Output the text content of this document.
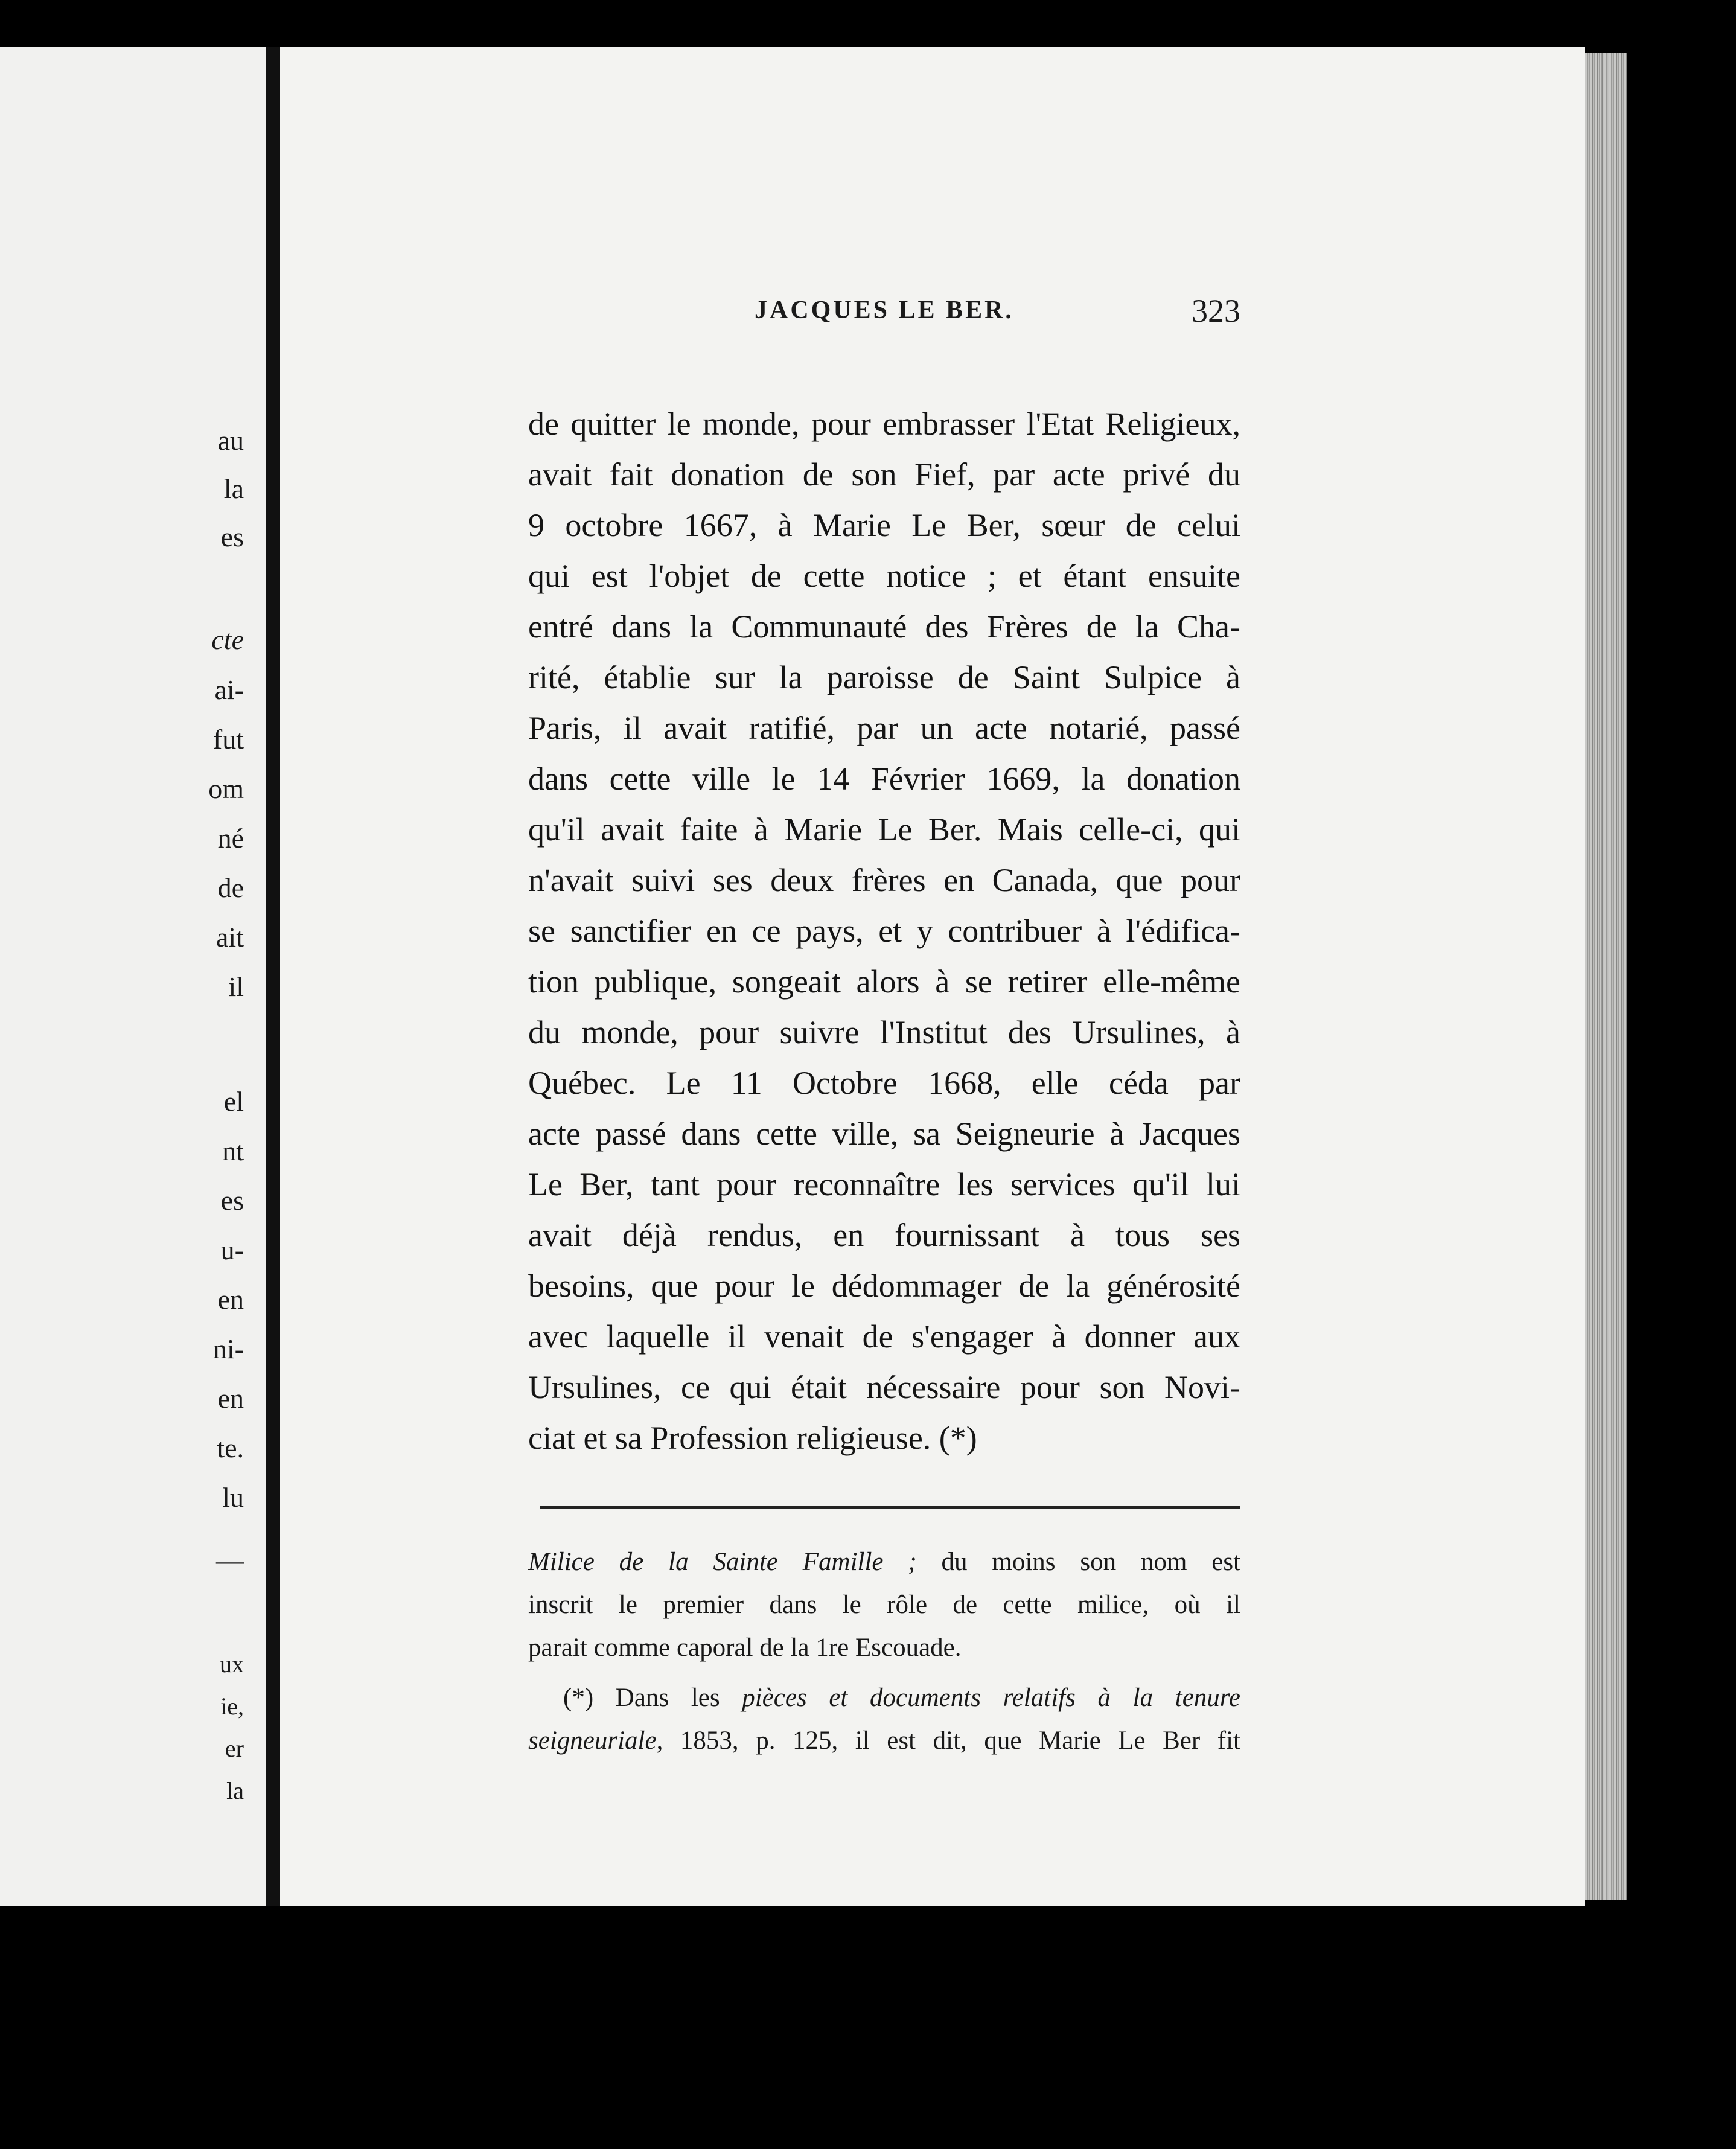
au
la
es
cte
ai-
fut
om
né
de
ait
il
el
nt
es
u-
en
ni-
en
te.
lu
—
ux
ie,
er
la
JACQUES LE BER.	323
de quitter le monde, pour embrasser l'Etat Religieux,
avait fait donation de son Fief, par acte privé du
9 octobre 1667, à Marie Le Ber, sœur de celui
qui est l'objet de cette notice ; et étant ensuite
entré dans la Communauté des Frères de la Cha-
rité, établie sur la paroisse de Saint Sulpice à
Paris, il avait ratifié, par un acte notarié, passé
dans cette ville le 14 Février 1669, la donation
qu'il avait faite à Marie Le Ber. Mais celle-ci, qui
n'avait suivi ses deux frères en Canada, que pour
se sanctifier en ce pays, et y contribuer à l'édifica-
tion publique, songeait alors à se retirer elle-même
du monde, pour suivre l'Institut des Ursulines, à
Québec. Le 11 Octobre 1668, elle céda par
acte passé dans cette ville, sa Seigneurie à Jacques
Le Ber, tant pour reconnaître les services qu'il lui
avait déjà rendus, en fournissant à tous ses
besoins, que pour le dédommager de la générosité
avec laquelle il venait de s'engager à donner aux
Ursulines, ce qui était nécessaire pour son Novi-
ciat et sa Profession religieuse. (*)
Milice de la Sainte Famille ; du moins son nom est
inscrit le premier dans le rôle de cette milice, où il
parait comme caporal de la 1re Escouade.
(*) Dans les pièces et documents relatifs à la tenure
seigneuriale, 1853, p. 125, il est dit, que Marie Le Ber fit
